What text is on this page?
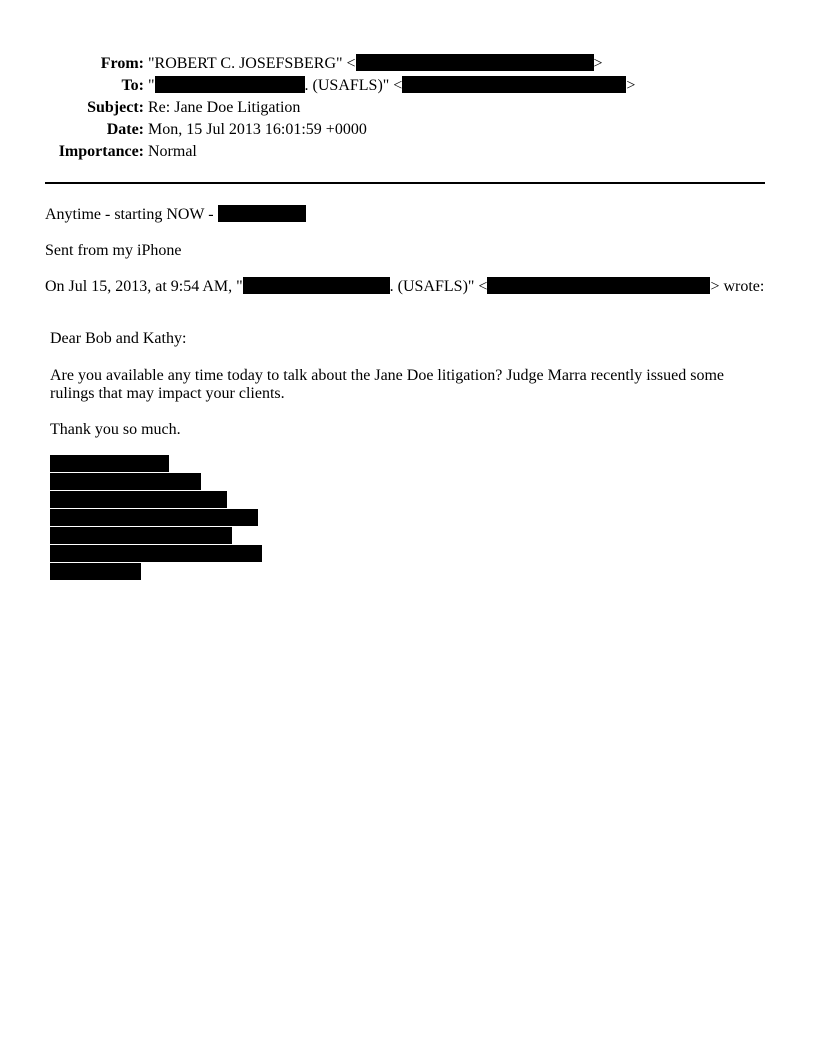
From: "ROBERT C. JOSEFSBERG" <	>
To: "	. (USAFLS)" <	>
Subject: Re: Jane Doe Litigation
Date: Mon, 15 Jul 2013 16:01:59 +0000
Importance: Normal
Anytime - starting NOW -
Sent from my iPhone
On Jul 15, 2013, at 9:54 AM, "	. (USAFLS)" <	> wrote:
Dear Bob and Kathy:
Are you available any time today to talk about the Jane Doe litigation? Judge Marra recently issued some
rulings that may impact your clients.
Thank you so much.
